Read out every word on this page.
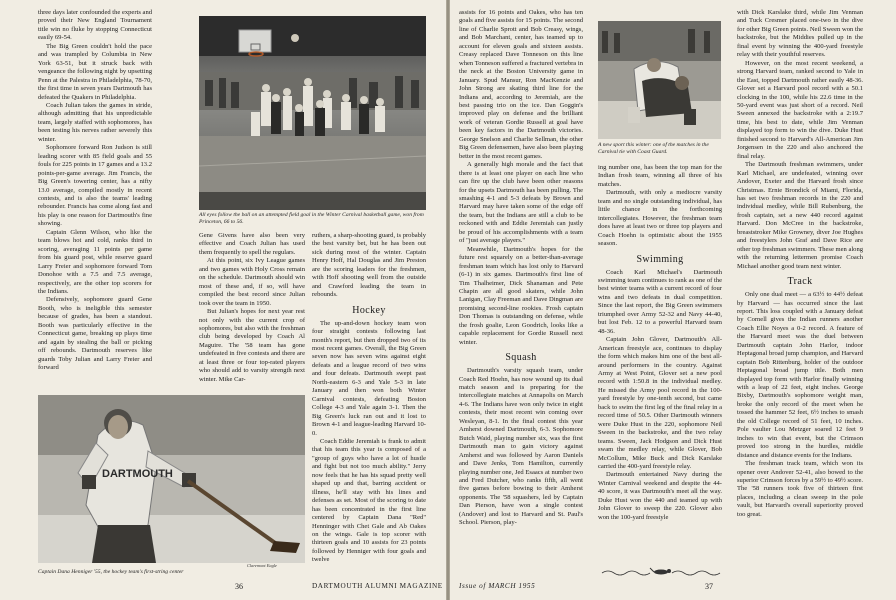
three days later confounded the experts and proved their New England Tournament title win no fluke by stopping Connecticut easily 69-54.

The Big Green couldn't hold the pace and was trampled by Columbia in New York 63-51, but it struck back with vengeance the following night by upsetting Penn at the Palestra in Philadelphia, 78-70, the first time in seven years Dartmouth has defeated the Quakers in Philadelphia.

Coach Julian takes the games in stride, although admitting that his unpredictable team, largely staffed with sophomores, has been testing his nerves rather severely this winter.

Sophomore forward Ron Judson is still leading scorer with 85 field goals and 55 fouls for 225 points in 17 games and a 13.2 points-per-game average. Jim Francis, the Big Green's towering center, has a nifty 13.0 average, compiled mostly in recent contests, and is also the teams' leading rebounder. Francis has come along fast and his play is one reason for Dartmouth's fine showing.

Captain Glenn Wilson, who like the team blows hot and cold, ranks third in scoring, averaging 11 points per game from his guard post, while reserve guard Larry Freier and sophomore forward Tom Donohoe with a 7.5 and 7.5 average, respectively, are the other top scorers for the Indians.

Defensively, sophomore guard Gene Booth, who is ineligible this semester because of grades, has been a standout. Booth was particularly effective in the Connecticut game, breaking up plays time and again by stealing the ball or picking off rebounds. Dartmouth reserves like guards Toby Julian and Larry Freier and forward

All eyes follow the ball on an attempted field goal in the Winter Carnival basketball game, won from Princeton, 66 to 56.

Gene Givens have also been very effective and Coach Julian has used them frequently to spell the regulars.

At this point, six Ivy League games and two games with Holy Cross remain on the schedule. Dartmouth should win most of these and, if so, will have compiled the best record since Julian took over the team in 1950.

But Julian's hopes for next year rest not only with the current crop of sophomores, but also with the freshman club being developed by Coach Al Maguire. The '58 team has gone undefeated in five contests and there are at least three or four top-rated players who should add to varsity strength next winter. Mike Car-

ruthers, a sharp-shooting guard, is probably the best varsity bet, but he has been out sick during most of the winter. Captain Henry Hoff, Hal Douglas and Jim Preston are the scoring leaders for the freshmen, with Hoff shooting well from the outside and Crawford leading the team in rebounds.

Hockey

The up-and-down hockey team won four straight contests following last month's report, but then dropped two of its most recent games. Overall, the Big Green seven now has seven wins against eight defeats and a league record of two wins and four defeats. Dartmouth swept past North-eastern 6-3 and Yale 5-3 in late January and then won both Winter Carnival contests, defeating Boston College 4-3 and Yale again 3-1. Then the Big Green's luck ran out and it lost to Brown 4-1 and league-leading Harvard 10-0.

Coach Eddie Jeremiah is frank to admit that his team this year is composed of a "group of guys who have a lot of hustle and fight but not too much ability." Jerry now feels that he has his squad pretty well shaped up and that, barring accident or illness, he'll stay with his lines and defenses as set. Most of the scoring to date has been concentrated in the first line centered by Captain Dana "Red" Henninger with Chet Gale and Ab Oakes on the wings. Gale is top scorer with thirteen goals and 10 assists for 23 points followed by Henniger with four goals and twelve

DARTMOUTH
Claremont Eagle
Captain Dana Henniger '55, the hockey team's first-string center
36	DARTMOUTH ALUMNI MAGAZINE

assists for 16 points and Oakes, who has ten goals and five assists for 15 points. The second line of Charlie Sprott and Bob Creasy, wings, and Bob Marchant, center, has teamed up to account for eleven goals and sixteen assists. Creasy replaced Dave Tonneson on this line when Tonneson suffered a fractured vertebra in the neck at the Boston University game in January. Spud Mansur, Ron MacKenzie and John Strong are skating third line for the Indians and, according to Jeremiah, are the best passing trio on the ice. Dan Goggin's improved play on defense and the brilliant work of veteran Gordie Russell at goal have been key factors in the Dartmouth victories. George Snelson and Charlie Sellman, the other Big Green defensemen, have also been playing better in the most recent games.

A generally high morale and the fact that there is at least one player on each line who can fire up the club have been other reasons for the upsets Dartmouth has been pulling. The smashing 4-1 and 5-3 defeats by Brown and Harvard may have taken some of the edge off the team, but the Indians are still a club to be reckoned with and Eddie Jeremiah can justly be proud of his accomplishments with a team of "just average players."

Meanwhile, Dartmouth's hopes for the future rest squarely on a better-than-average freshman team which has lost only to Harvard (6-1) in six games. Dartmouth's first line of Tim Thalheimer, Dick Shanaman and Pete Chapin are all good skaters, while John Lanigan, Clay Freeman and Dave Dingman are promising second-line rookies. Frosh captain Don Thomas is outstanding on defense, while the frosh goalie, Leon Goodrich, looks like a capable replacement for Gordie Russell next winter.

Squash

Dartmouth's varsity squash team, under Coach Red Hoehn, has now wound up its dual match season and is preparing for the intercollegiate matches at Annapolis on March 4-6. The Indians have won only twice in eight contests, their most recent win coming over Wesleyan, 8-1. In the final contest this year Amherst downed Dartmouth, 6-3. Sophomore Butch Waid, playing number six, was the first Dartmouth man to gain victory against Amherst and was followed by Aaron Daniels and Dave Jenks, Tom Hamilton, currently playing number one, Jed Esaacs at number two and Fred Dutcher, who ranks fifth, all went five games before bowing to their Amherst opponents. The '58 squashers, led by Captain Dan Pierson, have won a single contest (Andover) and lost to Harvard and St. Paul's School. Pierson, play-

A new sport this winter: one of the matches in the Carnival tie with Coast Guard.

ing number one, has been the top man for the Indian frosh team, winning all three of his matches.

Dartmouth, with only a mediocre varsity team and no single outstanding individual, has little chance in the forthcoming intercollegiates. However, the freshman team does have at least two or three top players and Coach Hoehn is optimistic about the 1955 season.

Swimming

Coach Karl Michael's Dartmouth swimming team continues to rank as one of the best winter teams with a current record of four wins and two defeats in dual competition. Since the last report, the Big Green swimmers triumphed over Army 52-32 and Navy 44-40, but lost Feb. 12 to a powerful Harvard team 48-36.

Captain John Glover, Dartmouth's All-American freestyle ace, continues to display the form which makes him one of the best all-around performers in the country. Against Army at West Point, Glover set a new pool record with 1:50.8 in the individual medley. He missed the Army pool record in the 100-yard freestyle by one-tenth second, but came back to swim the first leg of the final relay in a record time of 50.5. Other Dartmouth winners were Duke Hust in the 220, sophomore Neil Sween in the backstroke, and the two relay teams. Sween, Jack Hodgson and Dick Hust swam the medley relay, while Glover, Bob McCollum, Mike Buck and Dick Karslake carried the 400-yard freestyle relay.

Dartmouth entertained Navy during the Winter Carnival weekend and despite the 44-40 score, it was Dartmouth's meet all the way. Duke Hust won the 440 and teamed up with John Glover to sweep the 220. Glover also won the 100-yard freestyle

with Dick Karslake third, while Jim Venman and Tuck Cresmer placed one-two in the dive for other Big Green points. Neil Sween won the backstroke, but the Middies pulled up in the final event by winning the 400-yard freestyle relay with their youthful reserves.

However, on the most recent weekend, a strong Harvard team, ranked second to Yale in the East, topped Dartmouth rather easily 48-36. Glover set a Harvard pool record with a 50.1 clocking in the 100, while his 22.6 time in the 50-yard event was just short of a record. Neil Sween annexed the backstroke with a 2:19.7 time, his best to date, while Jim Venman displayed top form to win the dive. Duke Hust finished second to Harvard's All-American Jim Jorgensen in the 220 and also anchored the final relay.

The Dartmouth freshman swimmers, under Karl Michael, are undefeated, winning over Andover, Exeter and the Harvard frosh since Christmas. Ernie Brondick of Miami, Florida, has set two freshman records in the 220 and individual medley, while Bill Rubenburg, the frosh captain, set a new 440 record against Harvard. Don McCree in the backstroke, breaststroker Mike Growney, diver Joe Hughes and freestylers John Graf and Dave Rice are other top freshman swimmers. These men along with the returning lettermen promise Coach Michael another good team next winter.

Track

Only one dual meet — a 63½ to 44½ defeat by Harvard — has occurred since the last report. This loss coupled with a January defeat by Cornell gives the Indian runners another Coach Ellie Noyes a 0-2 record. A feature of the Harvard meet was the duel between Dartmouth captain John Harlor, indoor Heptagonal broad jump champion, and Harvard captain Bob Rittenburg, holder of the outdoor Heptagonal broad jump title. Both men displayed top form with Harlor finally winning with a leap of 22 feet, eight inches. George Bixby, Dartmouth's sophomore weight man, broke the only record of the meet when he tossed the hammer 52 feet, 6½ inches to smash the old College record of 51 feet, 10 inches. Pole vaulter Lou Metzger soared 12 feet 9 inches to win that event, but the Crimson proved too strong in the hurdles, middle distance and distance events for the Indians.

The freshman track team, which won its opener over Andover 52-41, also bowed to the superior Crimson forces by a 59½ to 49½ score. The '58 runners took five of thirteen first places, including a clean sweep in the pole vault, but Harvard's overall superiority proved too great.

Issue of MARCH 1955	37
